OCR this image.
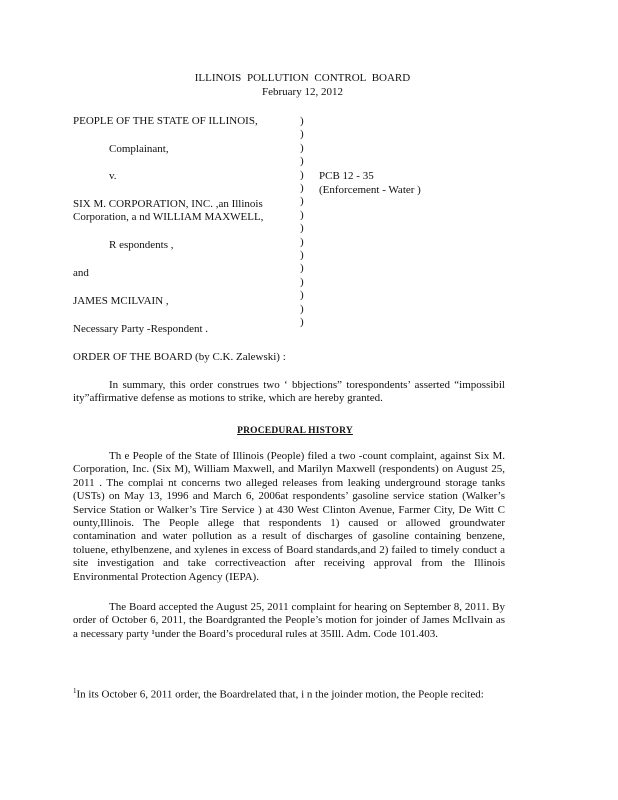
ILLINOIS POLLUTION CONTROL BOARD
February 12, 2012
PEOPLE OF THE STATE OF ILLINOIS,
Complainant,
v.
SIX M. CORPORATION, INC. ,an Illinois
Corporation, a nd WILLIAM MAXWELL,
R espondents ,
and
JAMES MCILVAIN ,
Necessary Party -Respondent .
PCB 12 - 35
(Enforcement - Water )
)
)
)
)
)
)
)
)
)
)
)
)
)
)
)
)
ORDER OF THE BOARD (by C.K. Zalewski) :
In summary, this order construes two ‘ bbjections” torespondents’ asserted “impossibil ity”affirmative defense as motions to strike, which are hereby granted.
PROCEDURAL HISTORY
Th e People of the State of Illinois (People) filed a two -count complaint, against Six M. Corporation, Inc. (Six M), William Maxwell, and Marilyn Maxwell (respondents) on August 25, 2011 . The complai nt concerns two alleged releases from leaking underground storage tanks (USTs) on May 13, 1996 and March 6, 2006at respondents’ gasoline service station (Walker’s Service Station or Walker’s Tire Service ) at 430 West Clinton Avenue, Farmer City, De Witt C ounty,Illinois. The People allege that respondents 1) caused or allowed groundwater contamination and water pollution as a result of discharges of gasoline containing benzene, toluene, ethylbenzene, and xylenes in excess of Board standards,and 2) failed to timely conduct a site investigation and take correctiveaction after receiving approval from the Illinois Environmental Protection Agency (IEPA).
The Board accepted the August 25, 2011 complaint for hearing on September 8, 2011. By order of October 6, 2011, the Boardgranted the People’s motion for joinder of James McIlvain as a necessary party ¹under the Board’s procedural rules at 35Ill. Adm. Code 101.403.
$^1$In its October 6, 2011 order, the Boardrelated that, i n the joinder motion, the People recited:
